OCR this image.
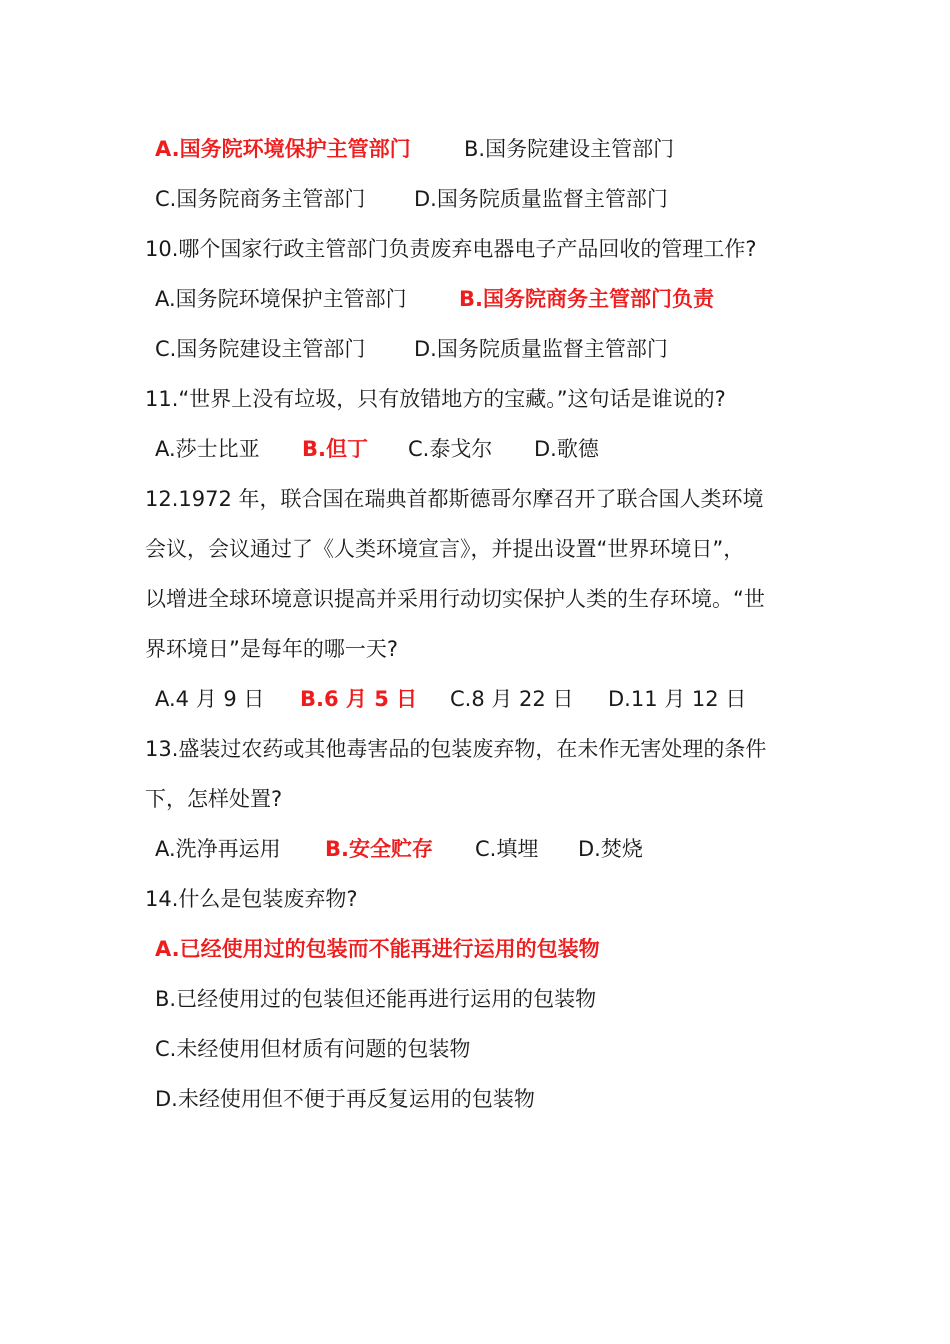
A.国务院环境保护主管部门	B.国务院建设主管部门
C.国务院商务主管部门 D.国务院质量监督主管部门
10.哪个国家行政主管部门负责废弃电器电子产品回收的管理工作?
A.国务院环境保护主管部门 B.国务院商务主管部门负责
C.国务院建设主管部门 D.国务院质量监督主管部门
11.“世界上没有垃圾，只有放错地方的宝藏。”这句话是谁说的?
A.莎士比亚 B.但丁 C.泰戈尔 D.歌德
12.1972 年，联合国在瑞典首都斯德哥尔摩召开了联合国人类环境
会议，会议通过了《人类环境宣言》，并提出设置“世界环境日”，
以增进全球环境意识提高并采用行动切实保护人类的生存环境。“世
界环境日”是每年的哪一天?
A.4 月 9 日 B.6 月 5 日 C.8 月 22 日 D.11 月 12 日
13.盛装过农药或其他毒害品的包装废弃物，在未作无害处理的条件
下，怎样处置?
A.洗净再运用 B.安全贮存 C.填埋 D.焚烧
14.什么是包装废弃物?
A.已经使用过的包装而不能再进行运用的包装物
B.已经使用过的包装但还能再进行运用的包装物
C.未经使用但材质有问题的包装物
D.未经使用但不便于再反复运用的包装物
